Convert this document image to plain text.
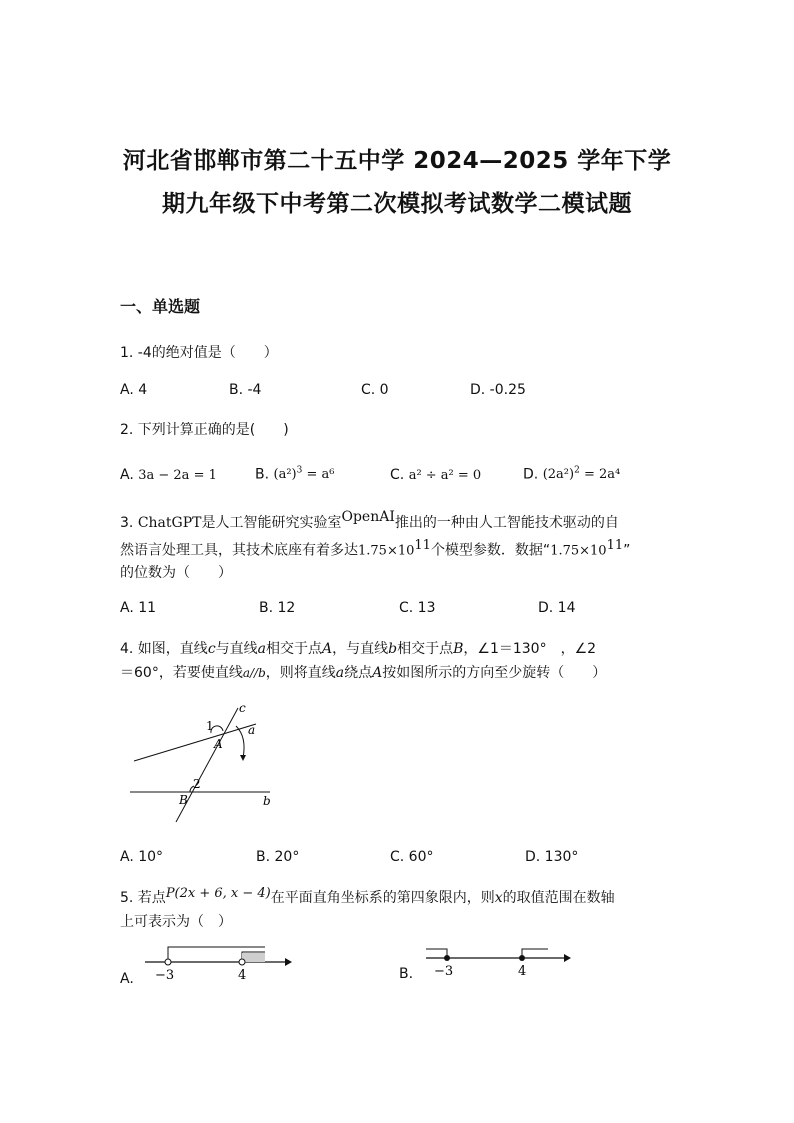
河北省邯郸市第二十五中学 2024—2025 学年下学
期九年级下中考第二次模拟考试数学二模试题
一、单选题
1. -4的绝对值是（　　）
A. 4	B. -4	C. 0	D. -0.25
2. 下列计算正确的是(　　)
A. 3a − 2a = 1	B. $(a^2)^3 = a^6$	C. a² ÷ a² = 0	D. $(2a^2)^2 = 2a^4$
3. ChatGPT是人工智能研究实验室OpenAI推出的一种由人工智能技术驱动的自
然语言处理工具，其技术底座有着多达$1.75\times 10^{11}$个模型参数．数据“$1.75\times 10^{11}$”
的位数为（　　）
A. 11	B. 12	C. 13	D. 14
4. 如图，直线c与直线a相交于点A，与直线b相交于点B，∠1＝130°　，∠2
＝60°，若要使直线a//b，则将直线a绕点A按如图所示的方向至少旋转（　　）
c
1	a
A
2
B	b
A. 10°	B. 20°	C. 60°	D. 130°
5. 若点P(2x + 6, x − 4)在平面直角坐标系的第四象限内，则x的取值范围在数轴
上可表示为（　）
A. −3	4	B. −3	4
